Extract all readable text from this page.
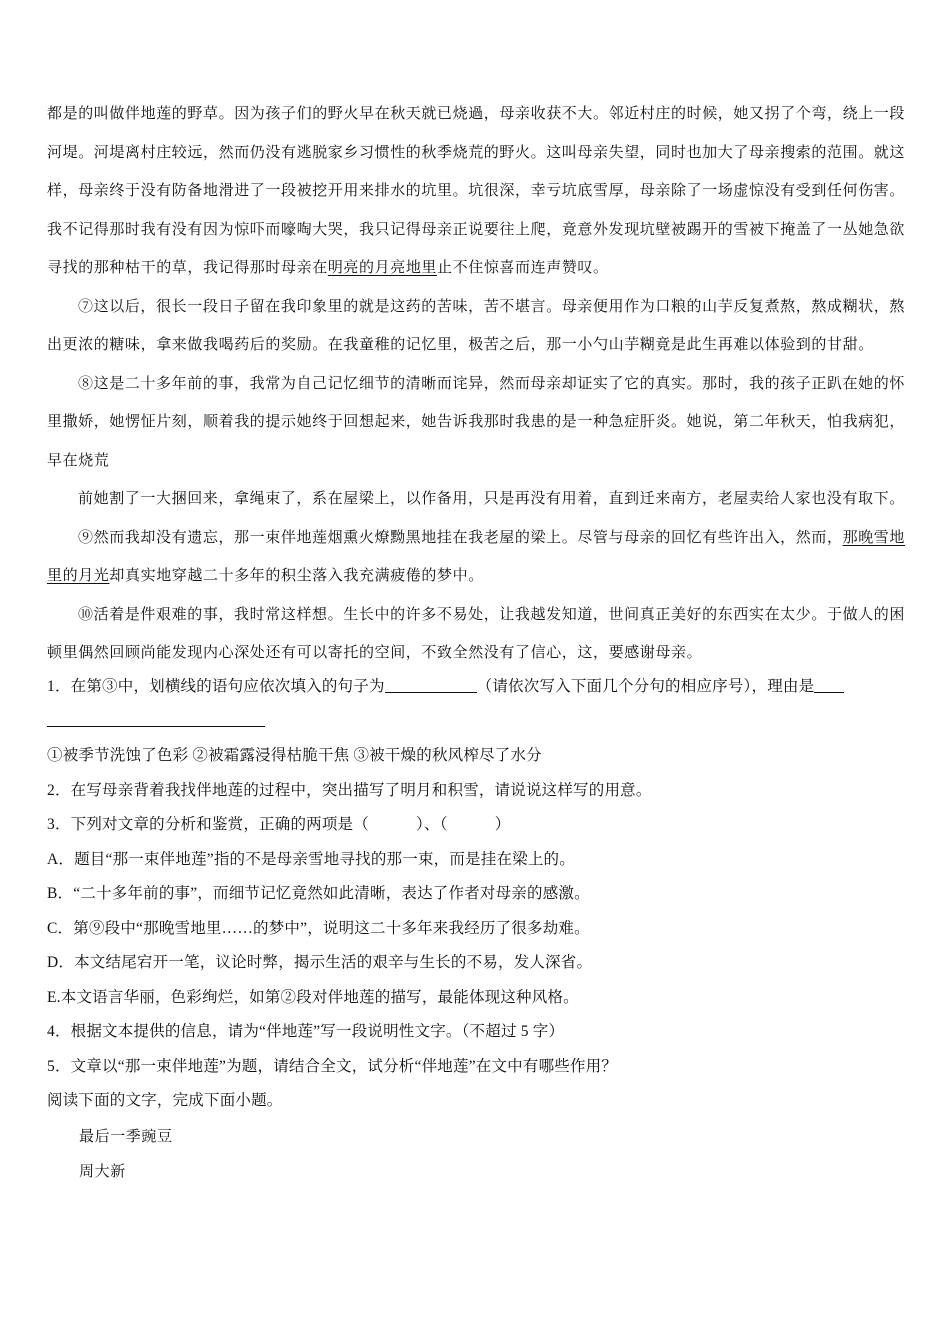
都是的叫做伴地莲的野草。因为孩子们的野火早在秋天就已烧過，母亲收获不大。邻近村庄的时候，她又拐了个弯，绕上一段河堤。河堤离村庄较远，然而仍没有逃脱家乡习惯性的秋季烧荒的野火。这叫母亲失望，同时也加大了母亲搜索的范围。就这样，母亲终于没有防备地滑进了一段被挖开用来排水的坑里。坑很深，幸亏坑底雪厚，母亲除了一场虚惊没有受到任何伤害。我不记得那时我有没有因为惊吓而嚎啕大哭，我只记得母亲正说要往上爬，竟意外发现坑壁被踢开的雪被下掩盖了一丛她急欲寻找的那种枯干的草，我记得那时母亲在明亮的月亮地里止不住惊喜而连声赞叹。

⑦这以后，很长一段日子留在我印象里的就是这药的苦味，苦不堪言。母亲便用作为口粮的山芋反复煮熬，熬成糊状，熬出更浓的糖味，拿来做我喝药后的奖励。在我童稚的记忆里，极苦之后，那一小勺山芋糊竟是此生再难以体验到的甘甜。

⑧这是二十多年前的事，我常为自己记忆细节的清晰而诧异，然而母亲却证实了它的真实。那时，我的孩子正趴在她的怀里撒娇，她愣怔片刻，顺着我的提示她终于回想起来，她告诉我那时我患的是一种急症肝炎。她说，第二年秋天，怕我病犯，早在烧荒

前她割了一大捆回来，拿绳束了，系在屋梁上，以作备用，只是再没有用着，直到迁来南方，老屋卖给人家也没有取下。

⑨然而我却没有遗忘，那一束伴地莲烟熏火燎黝黑地挂在我老屋的梁上。尽管与母亲的回忆有些许出入，然而，那晚雪地里的月光却真实地穿越二十多年的积尘落入我充满疲倦的梦中。

⑩活着是件艰难的事，我时常这样想。生长中的许多不易处，让我越发知道，世间真正美好的东西实在太少。于做人的困顿里偶然回顾尚能发现内心深处还有可以寄托的空间，不致全然没有了信心，这，要感谢母亲。

1．在第③中，划横线的语句应依次填入的句子为	（请依次写入下面几个分句的相应序号），理由是

①被季节洗蚀了色彩 ②被霜露浸得枯脆干焦 ③被干燥的秋风榨尽了水分

2．在写母亲背着我找伴地莲的过程中，突出描写了明月和积雪，请说说这样写的用意。

3．下列对文章的分析和鉴赏，正确的两项是（　　　）、（　　　）

A．题目“那一束伴地莲”指的不是母亲雪地寻找的那一束，而是挂在梁上的。

B．“二十多年前的事”，而细节记忆竟然如此清晰，表达了作者对母亲的感激。

C．第⑨段中“那晚雪地里……的梦中”，说明这二十多年来我经历了很多劫难。

D．本文结尾宕开一笔，议论时弊，揭示生活的艰辛与生长的不易，发人深省。

E.本文语言华丽，色彩绚烂，如第②段对伴地莲的描写，最能体现这种风格。

4．根据文本提供的信息，请为“伴地莲”写一段说明性文字。（不超过 5 字）

5．文章以“那一束伴地莲”为题，请结合全文，试分析“伴地莲”在文中有哪些作用？

阅读下面的文字，完成下面小题。

最后一季豌豆

周大新
